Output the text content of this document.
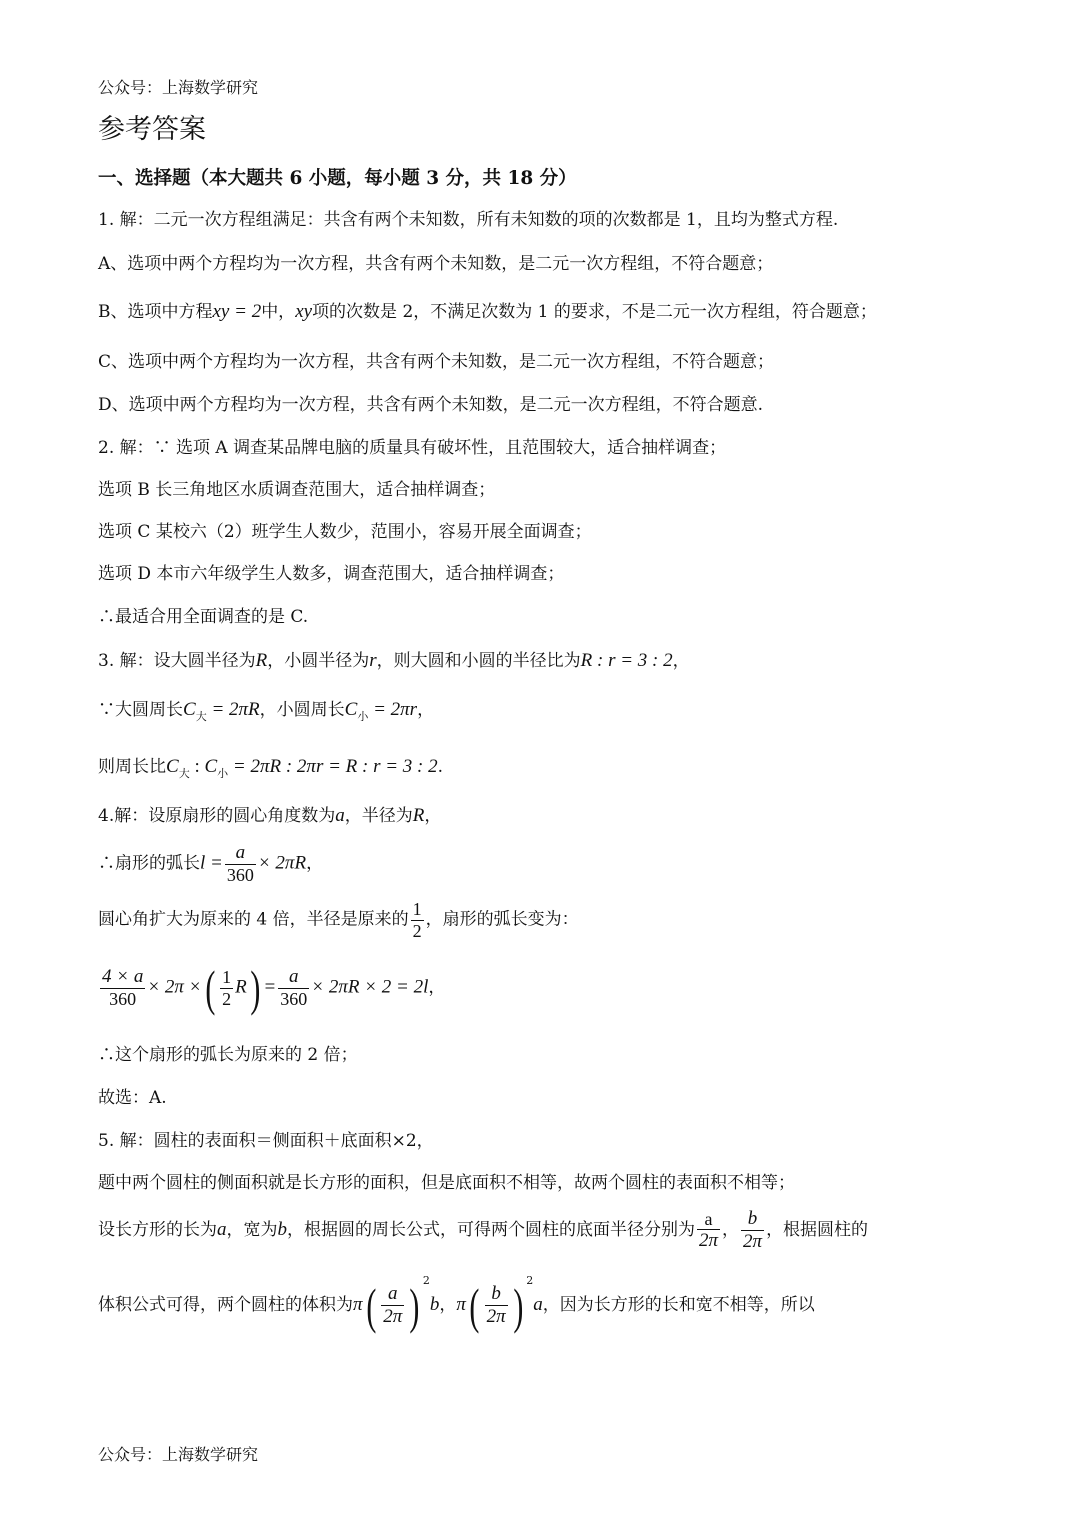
公众号：上海数学研究
参考答案
一、选择题（本大题共 6 小题，每小题 3 分，共 18 分）
1. 解：二元一次方程组满足：共含有两个未知数，所有未知数的项的次数都是 1，且均为整式方程.
A、选项中两个方程均为一次方程，共含有两个未知数，是二元一次方程组，不符合题意；
B、选项中方程xy = 2中，xy项的次数是 2，不满足次数为 1 的要求，不是二元一次方程组，符合题意；
C、选项中两个方程均为一次方程，共含有两个未知数，是二元一次方程组，不符合题意；
D、选项中两个方程均为一次方程，共含有两个未知数，是二元一次方程组，不符合题意.
2. 解：∵ 选项 A 调查某品牌电脑的质量具有破坏性，且范围较大，适合抽样调查；
选项 B 长三角地区水质调查范围大，适合抽样调查；
选项 C 某校六（2）班学生人数少，范围小，容易开展全面调查；
选项 D 本市六年级学生人数多，调查范围大，适合抽样调查；
∴最适合用全面调查的是 C.
3. 解：设大圆半径为R，小圆半径为r，则大圆和小圆的半径比为R : r = 3 : 2，
∵大圆周长$C_大 = 2\pi R$，小圆周长$C_小 = 2\pi r$，
则周长比$C_大$ : $C_小 = 2\pi R$ : 2πr = R : r = 3 : 2.
4.解：设原扇形的圆心角度数为a，半径为R，
∴扇形的弧长$l = \frac{a}{360} \times 2\pi R$，
圆心角扩大为原来的 4 倍，半径是原来的 $\frac{1}{2}$ ，扇形的弧长变为：
$\frac{4 \times a}{360} \times 2\pi$ ×( $\frac{1}{2} R) = \frac{a}{360} \times 2\pi R \times 2 = 2l$，
∴这个扇形的弧长为原来的 2 倍；
故选：A.
5. 解：圆柱的表面积＝侧面积＋底面积×2，
题中两个圆柱的侧面积就是长方形的面积，但是底面积不相等，故两个圆柱的表面积不相等；
设长方形的长为a，宽为b，根据圆的周长公式，可得两个圆柱的底面半径分别为 $\frac{a}{2\pi}$ ， $\frac{b}{2\pi}$ ，根据圆柱的
体积公式可得，两个圆柱的体积为$\pi( \frac{a}{2\pi}$ ) $^2$b，$\pi( \frac{b}{2\pi}$ ) $^2$a，因为长方形的长和宽不相等，所以
公众号：上海数学研究
